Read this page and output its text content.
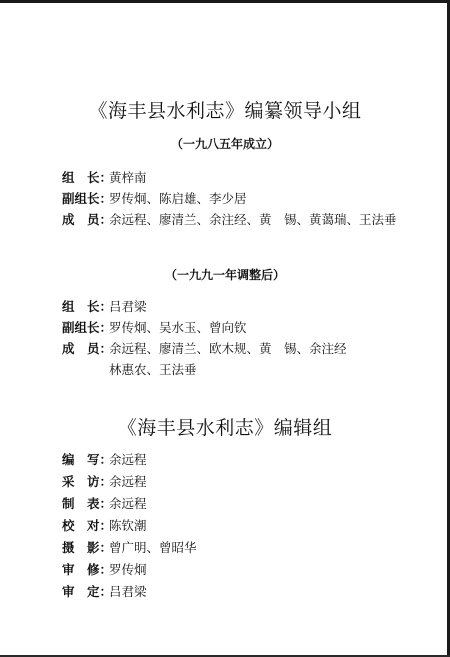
《海丰县水利志》编纂领导小组
（一九八五年成立）
组　长：黄梓南
副组长：罗传炯、陈启雄、李少居
成　员：余远程、廖清兰、余注经、黄　锡、黄蔼瑞、王法垂
（一九九一年调整后）
组　长：吕君梁
副组长：罗传炯、吴水玉、曾向钦
成　员：余远程、廖清兰、欧木规、黄　锡、余注经
林惠农、王法垂
《海丰县水利志》编辑组
编　写：余远程
采　访：余远程
制　表：余远程
校　对：陈钦潮
摄　影：曾广明、曾昭华
审　修：罗传炯
审　定：吕君梁
